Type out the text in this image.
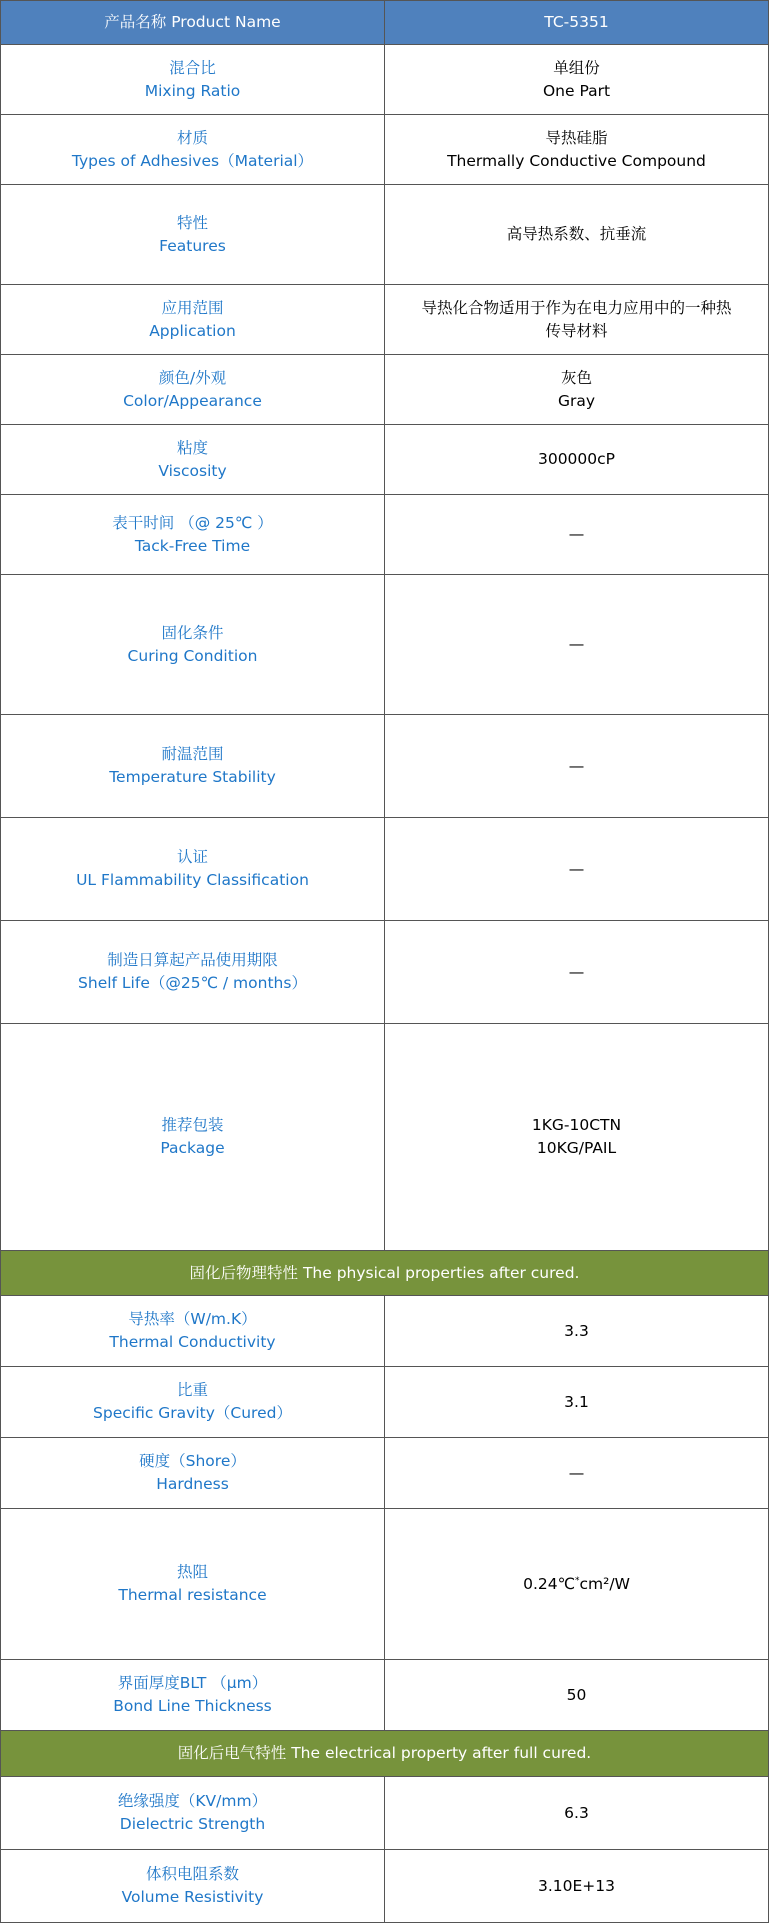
产品名称 Product Name	TC-5351

混合比
Mixing Ratio	单组份
One Part

材质
Types of Adhesives（Material）	导热硅脂
Thermally Conductive Compound

特性
Features	高导热系数、抗垂流

应用范围
Application	导热化合物适用于作为在电力应用中的一种热
传导材料

颜色/外观
Color/Appearance	灰色
Gray

粘度
Viscosity	300000cP

表干时间 （@ 25℃ ）
Tack-Free Time	—

固化条件
Curing Condition	—

耐温范围
Temperature Stability	—

认证
UL Flammability Classification	—

制造日算起产品使用期限
Shelf Life（@25℃ / months）	—

推荐包装
Package	1KG-10CTN
10KG/PAIL

固化后物理特性 The physical properties after cured.	

导热率（W/m.K）
Thermal Conductivity	3.3

比重
Specific Gravity（Cured）	3.1

硬度（Shore）
Hardness	—

热阻
Thermal resistance	0.24℃*cm²/W

界面厚度BLT （μm）
Bond Line Thickness	50
固化后电气特性 The electrical property after full cured.	

绝缘强度（KV/mm）
Dielectric Strength	6.3

体积电阻系数
Volume Resistivity	3.10E+13
